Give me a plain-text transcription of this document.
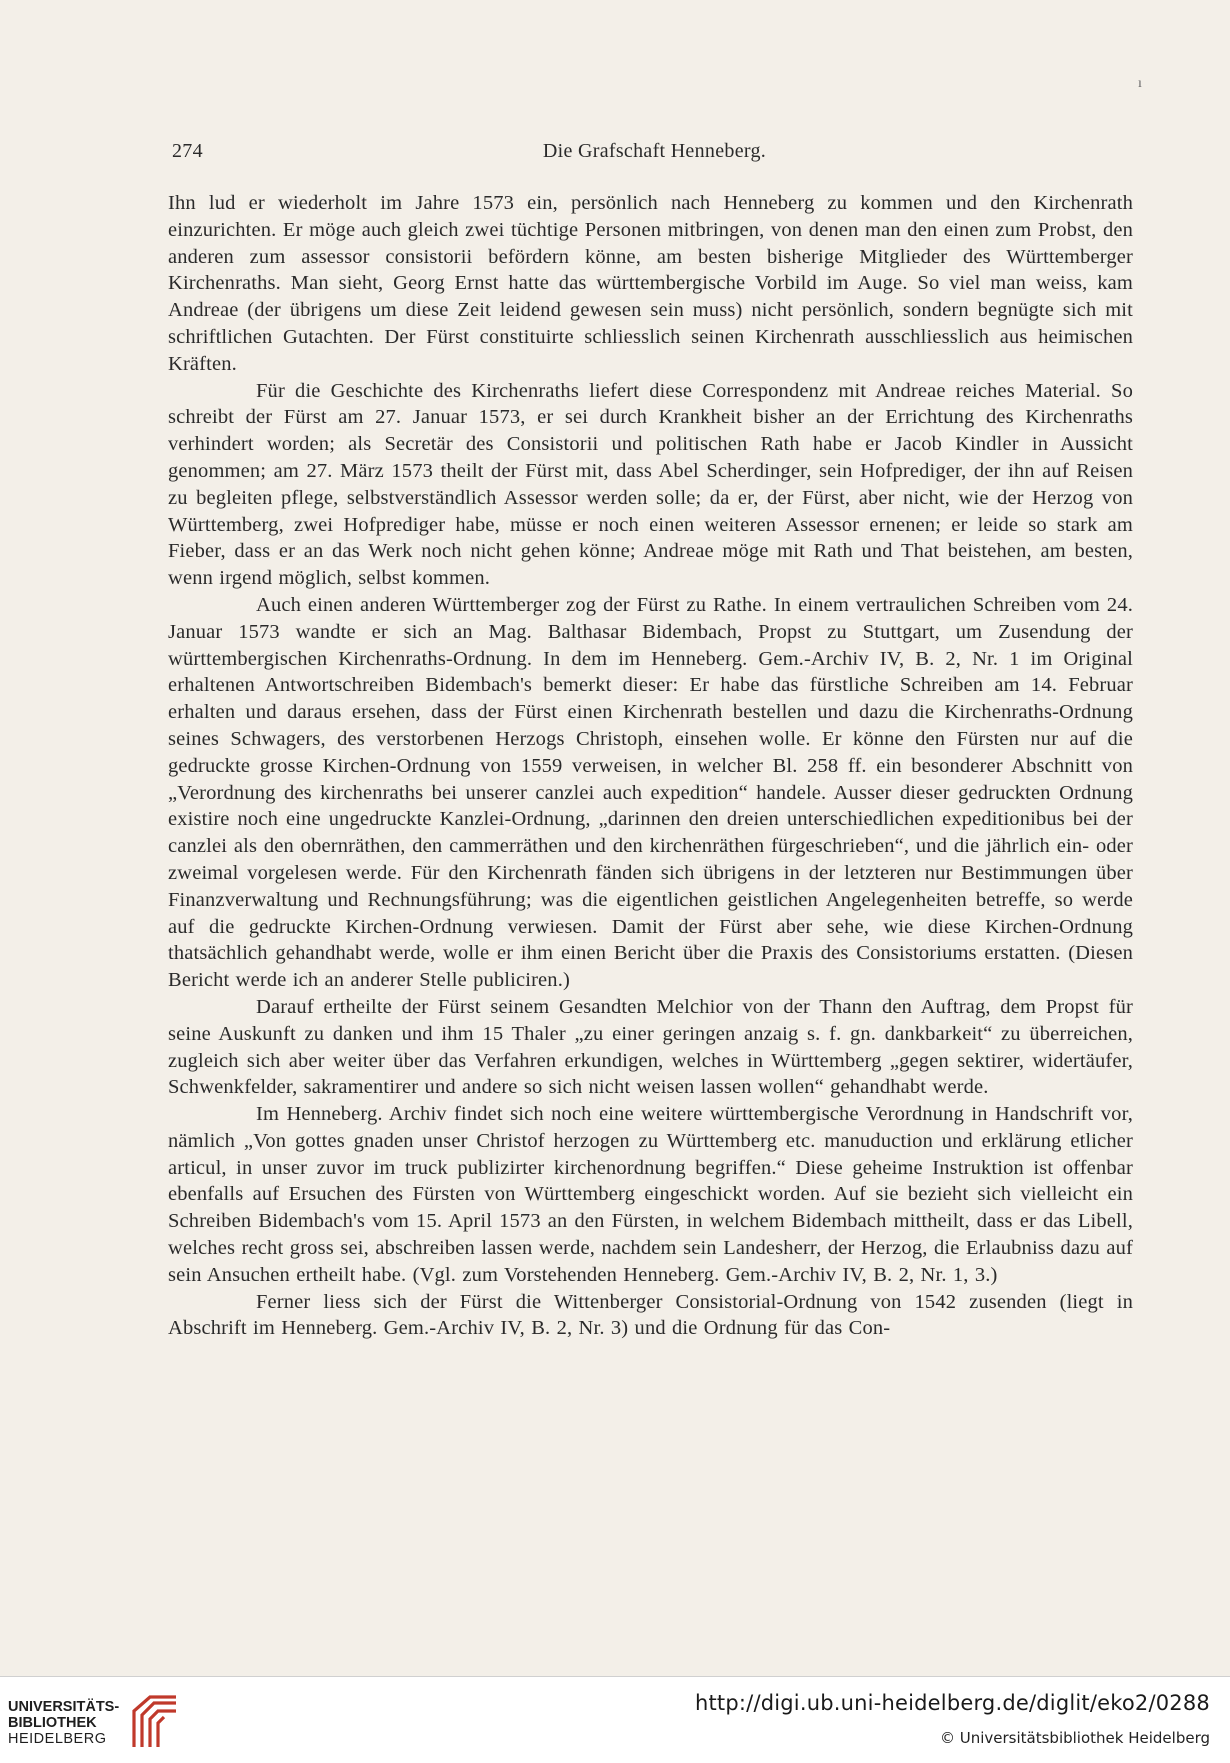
ı
274	Die Grafschaft Henneberg.

Ihn lud er wiederholt im Jahre 1573 ein, persönlich nach Henneberg zu kommen und den Kirchenrath einzurichten. Er möge auch gleich zwei tüchtige Personen mitbringen, von denen man den einen zum Probst, den anderen zum assessor consistorii befördern könne, am besten bisherige Mitglieder des Württemberger Kirchenraths. Man sieht, Georg Ernst hatte das württembergische Vorbild im Auge. So viel man weiss, kam Andreae (der übrigens um diese Zeit leidend gewesen sein muss) nicht persönlich, sondern begnügte sich mit schriftlichen Gutachten. Der Fürst constituirte schliesslich seinen Kirchenrath ausschliesslich aus heimischen Kräften.

Für die Geschichte des Kirchenraths liefert diese Correspondenz mit Andreae reiches Material. So schreibt der Fürst am 27. Januar 1573, er sei durch Krankheit bisher an der Errichtung des Kirchenraths verhindert worden; als Secretär des Consistorii und politischen Rath habe er Jacob Kindler in Aussicht genommen; am 27. März 1573 theilt der Fürst mit, dass Abel Scherdinger, sein Hofprediger, der ihn auf Reisen zu begleiten pflege, selbstverständlich Assessor werden solle; da er, der Fürst, aber nicht, wie der Herzog von Württemberg, zwei Hofprediger habe, müsse er noch einen weiteren Assessor ernenen; er leide so stark am Fieber, dass er an das Werk noch nicht gehen könne; Andreae möge mit Rath und That beistehen, am besten, wenn irgend möglich, selbst kommen.

Auch einen anderen Württemberger zog der Fürst zu Rathe. In einem vertraulichen Schreiben vom 24. Januar 1573 wandte er sich an Mag. Balthasar Bidembach, Propst zu Stuttgart, um Zusendung der württembergischen Kirchenraths-Ordnung. In dem im Henneberg. Gem.-Archiv IV, B. 2, Nr. 1 im Original erhaltenen Antwortschreiben Bidembach's bemerkt dieser: Er habe das fürstliche Schreiben am 14. Februar erhalten und daraus ersehen, dass der Fürst einen Kirchenrath bestellen und dazu die Kirchenraths-Ordnung seines Schwagers, des verstorbenen Herzogs Christoph, einsehen wolle. Er könne den Fürsten nur auf die gedruckte grosse Kirchen-Ordnung von 1559 verweisen, in welcher Bl. 258 ff. ein besonderer Abschnitt von „Verordnung des kirchenraths bei unserer canzlei auch expedition“ handele. Ausser dieser gedruckten Ordnung existire noch eine ungedruckte Kanzlei-Ordnung, „darinnen den dreien unterschiedlichen expeditionibus bei der canzlei als den obernräthen, den cammerräthen und den kirchenräthen fürgeschrieben“, und die jährlich ein- oder zweimal vorgelesen werde. Für den Kirchenrath fänden sich übrigens in der letzteren nur Bestimmungen über Finanzverwaltung und Rechnungsführung; was die eigentlichen geistlichen Angelegenheiten betreffe, so werde auf die gedruckte Kirchen-Ordnung verwiesen. Damit der Fürst aber sehe, wie diese Kirchen-Ordnung thatsächlich gehandhabt werde, wolle er ihm einen Bericht über die Praxis des Consistoriums erstatten. (Diesen Bericht werde ich an anderer Stelle publiciren.)

Darauf ertheilte der Fürst seinem Gesandten Melchior von der Thann den Auftrag, dem Propst für seine Auskunft zu danken und ihm 15 Thaler „zu einer geringen anzaig s. f. gn. dankbarkeit“ zu überreichen, zugleich sich aber weiter über das Verfahren erkundigen, welches in Württemberg „gegen sektirer, widertäufer, Schwenkfelder, sakramentirer und andere so sich nicht weisen lassen wollen“ gehandhabt werde.

Im Henneberg. Archiv findet sich noch eine weitere württembergische Verordnung in Handschrift vor, nämlich „Von gottes gnaden unser Christof herzogen zu Württemberg etc. manuduction und erklärung etlicher articul, in unser zuvor im truck publizirter kirchenordnung begriffen.“ Diese geheime Instruktion ist offenbar ebenfalls auf Ersuchen des Fürsten von Württemberg eingeschickt worden. Auf sie bezieht sich vielleicht ein Schreiben Bidembach's vom 15. April 1573 an den Fürsten, in welchem Bidembach mittheilt, dass er das Libell, welches recht gross sei, abschreiben lassen werde, nachdem sein Landesherr, der Herzog, die Erlaubniss dazu auf sein Ansuchen ertheilt habe. (Vgl. zum Vorstehenden Henneberg. Gem.-Archiv IV, B. 2, Nr. 1, 3.)

Ferner liess sich der Fürst die Wittenberger Consistorial-Ordnung von 1542 zusenden (liegt in Abschrift im Henneberg. Gem.-Archiv IV, B. 2, Nr. 3) und die Ordnung für das Con-

UNIVERSITÄTS-
BIBLIOTHEK
HEIDELBERG
http://digi.ub.uni-heidelberg.de/diglit/eko2/0288
© Universitätsbibliothek Heidelberg
